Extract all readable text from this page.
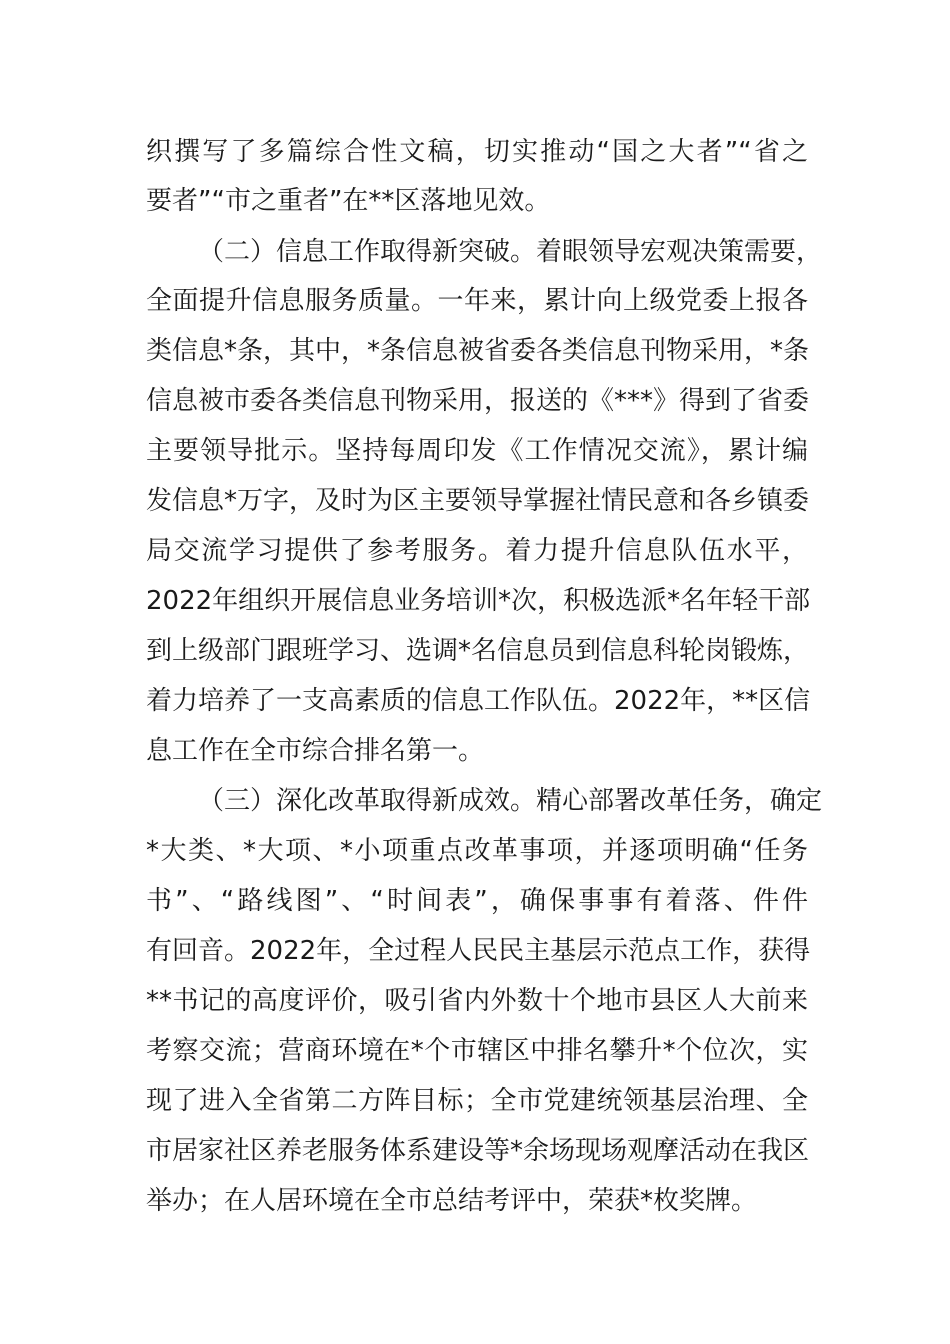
织撰写了多篇综合性文稿，切实推动“国之大者”“省之

要者”“市之重者”在**区落地见效。

（二）信息工作取得新突破。着眼领导宏观决策需要，

全面提升信息服务质量。一年来，累计向上级党委上报各

类信息*条，其中，*条信息被省委各类信息刊物采用，*条

信息被市委各类信息刊物采用，报送的《***》得到了省委

主要领导批示。坚持每周印发《工作情况交流》，累计编

发信息*万字，及时为区主要领导掌握社情民意和各乡镇委

局交流学习提供了参考服务。着力提升信息队伍水平，

2022年组织开展信息业务培训*次，积极选派*名年轻干部

到上级部门跟班学习、选调*名信息员到信息科轮岗锻炼，

着力培养了一支高素质的信息工作队伍。2022年，**区信

息工作在全市综合排名第一。

（三）深化改革取得新成效。精心部署改革任务，确定

*大类、*大项、*小项重点改革事项，并逐项明确“任务

书”、“路线图”、“时间表”，确保事事有着落、件件

有回音。2022年，全过程人民民主基层示范点工作，获得

**书记的高度评价，吸引省内外数十个地市县区人大前来

考察交流；营商环境在*个市辖区中排名攀升*个位次，实

现了进入全省第二方阵目标；全市党建统领基层治理、全

市居家社区养老服务体系建设等*余场现场观摩活动在我区

举办；在人居环境在全市总结考评中，荣获*枚奖牌。
